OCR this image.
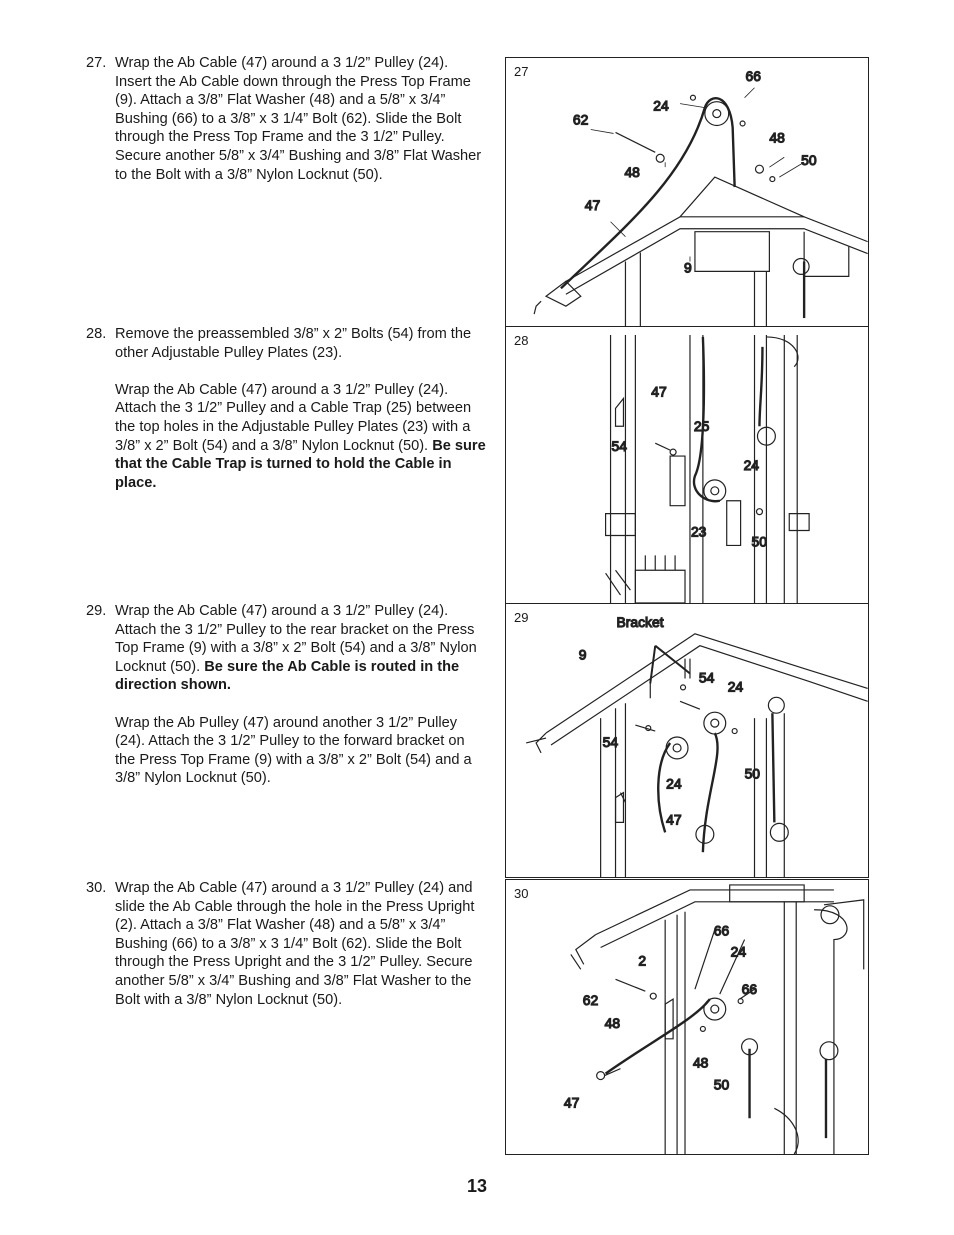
27. Wrap the Ab Cable (47) around a 3 1/2” Pulley (24). Insert the Ab Cable down through the Press Top Frame (9). Attach a 3/8” Flat Washer (48) and a 5/8” x 3/4” Bushing (66) to a 3/8” x 3 1/4” Bolt (62). Slide the Bolt through the Press Top Frame and the 3 1/2” Pulley. Secure another 5/8” x 3/4” Bushing and 3/8” Flat Washer to the Bolt with a 3/8” Nylon Locknut (50).

28. Remove the preassembled 3/8” x 2” Bolts (54) from the other Adjustable Pulley Plates (23).

Wrap the Ab Cable (47) around a 3 1/2” Pulley (24). Attach the 3 1/2” Pulley and a Cable Trap (25) between the top holes in the Adjustable Pulley Plates (23) with a 3/8” x 2” Bolt (54) and a 3/8” Nylon Locknut (50). Be sure that the Cable Trap is turned to hold the Cable in place.

29. Wrap the Ab Cable (47) around a 3 1/2” Pulley (24). Attach the 3 1/2” Pulley to the rear bracket on the Press Top Frame (9) with a 3/8” x 2” Bolt (54) and a 3/8” Nylon Locknut (50). Be sure the Ab Cable is routed in the direction shown.

Wrap the Ab Pulley (47) around another 3 1/2” Pulley (24). Attach the 3 1/2” Pulley to the forward bracket on the Press Top Frame (9) with a 3/8” x 2” Bolt (54) and a 3/8” Nylon Locknut (50).

30. Wrap the Ab Cable (47) around a 3 1/2” Pulley (24) and slide the Ab Cable through the hole in the Press Upright (2). Attach a 3/8” Flat Washer (48) and a 5/8” x 3/4” Bushing (66) to a 3/8” x 3 1/4” Bolt (62). Slide the Bolt through the Press Upright and the 3 1/2” Pulley. Secure another 5/8” x 3/4” Bushing and 3/8” Flat Washer to the Bolt with a 3/8” Nylon Locknut (50).

27	66
62
24
48
48
50
47
9
28
47
25
54
24
23
50
29	Bracket
9
54
24
54
50
24
47
30
66
24
2
66
62
48
48
50
47
13
